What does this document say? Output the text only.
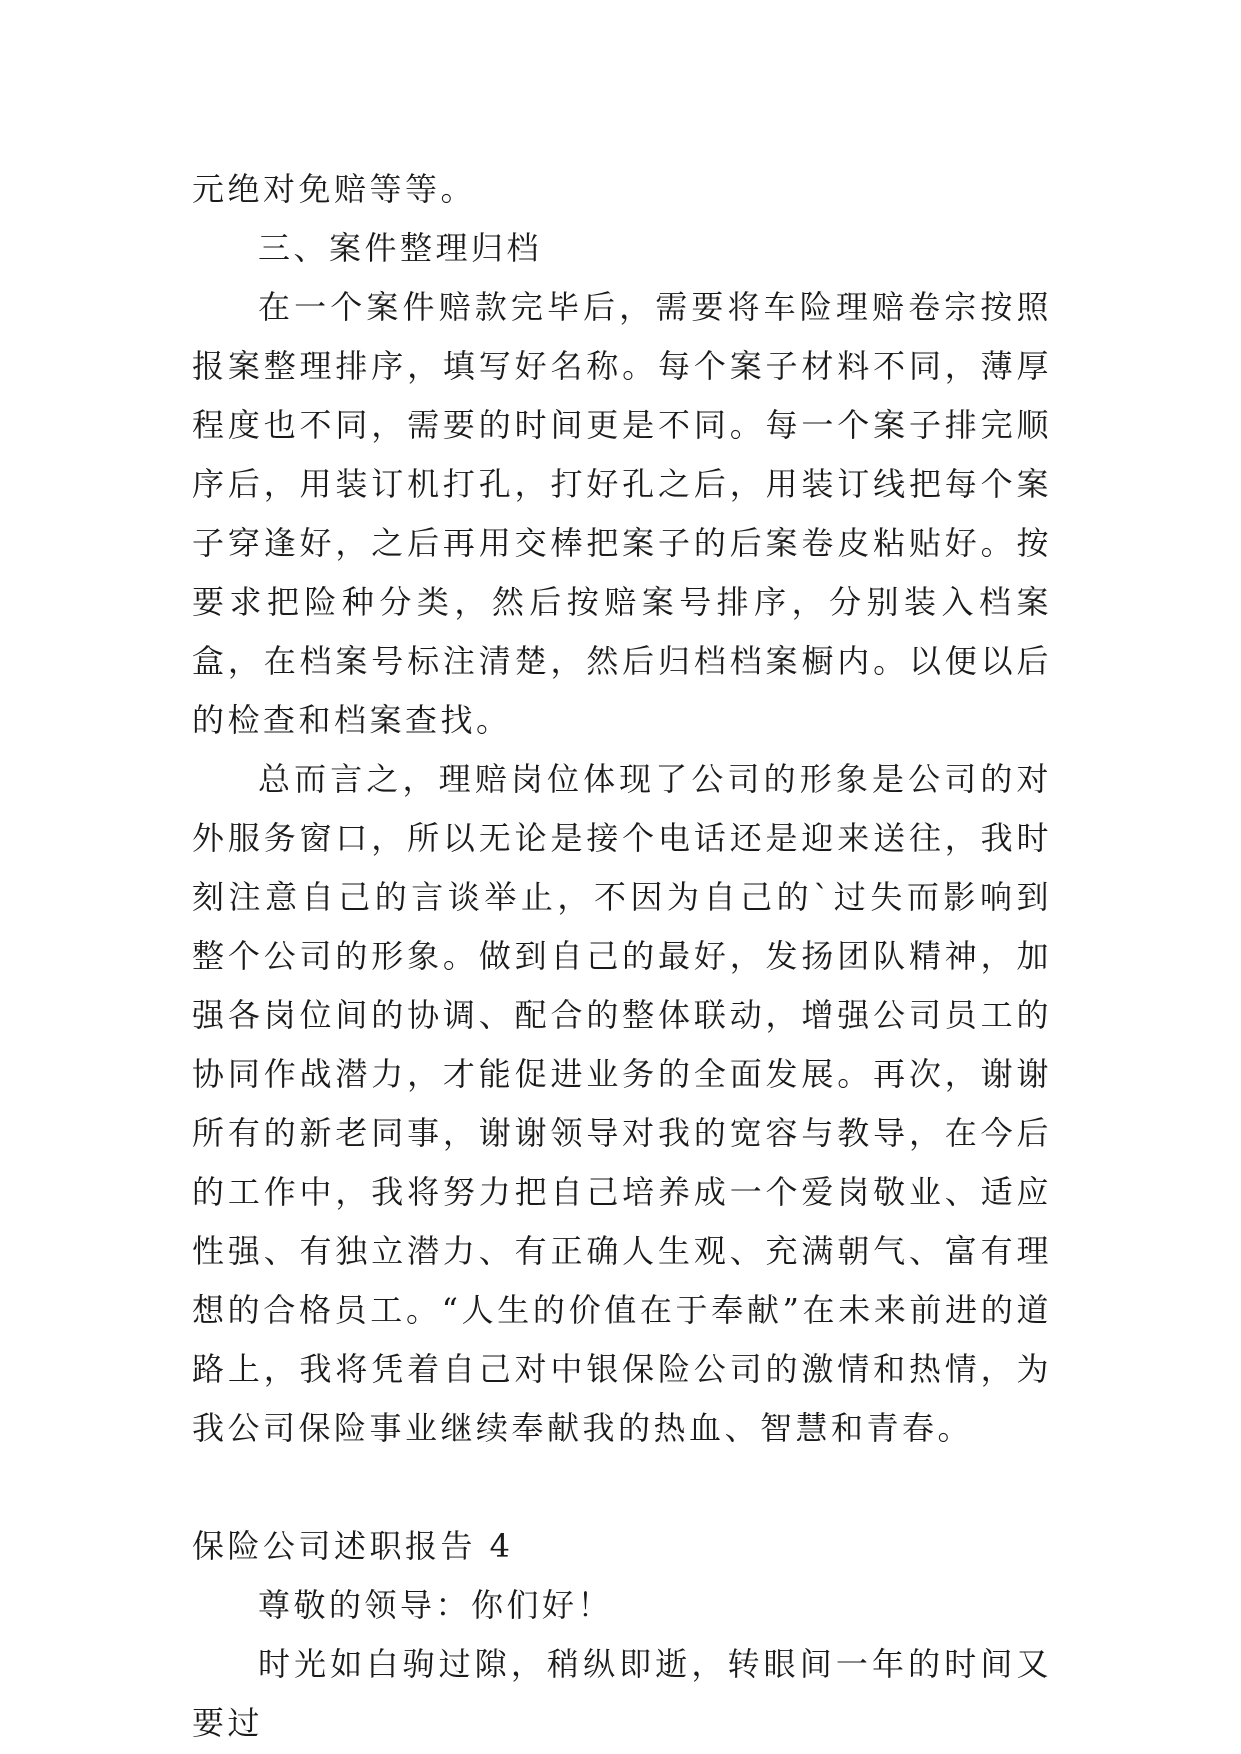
元绝对免赔等等。

三、案件整理归档

在一个案件赔款完毕后，需要将车险理赔卷宗按照报案整理排序，填写好名称。每个案子材料不同，薄厚程度也不同，需要的时间更是不同。每一个案子排完顺序后，用装订机打孔，打好孔之后，用装订线把每个案子穿逢好，之后再用交棒把案子的后案卷皮粘贴好。按要求把险种分类，然后按赔案号排序，分别装入档案盒，在档案号标注清楚，然后归档档案橱内。以便以后的检查和档案查找。

总而言之，理赔岗位体现了公司的形象是公司的对外服务窗口，所以无论是接个电话还是迎来送往，我时刻注意自己的言谈举止，不因为自己的`过失而影响到整个公司的形象。做到自己的最好，发扬团队精神，加强各岗位间的协调、配合的整体联动，增强公司员工的协同作战潜力，才能促进业务的全面发展。再次，谢谢所有的新老同事，谢谢领导对我的宽容与教导，在今后的工作中，我将努力把自己培养成一个爱岗敬业、适应性强、有独立潜力、有正确人生观、充满朝气、富有理想的合格员工。“人生的价值在于奉献”在未来前进的道路上，我将凭着自己对中银保险公司的激情和热情，为我公司保险事业继续奉献我的热血、智慧和青春。

保险公司述职报告 4

尊敬的领导：你们好！

时光如白驹过隙，稍纵即逝，转眼间一年的时间又要过
